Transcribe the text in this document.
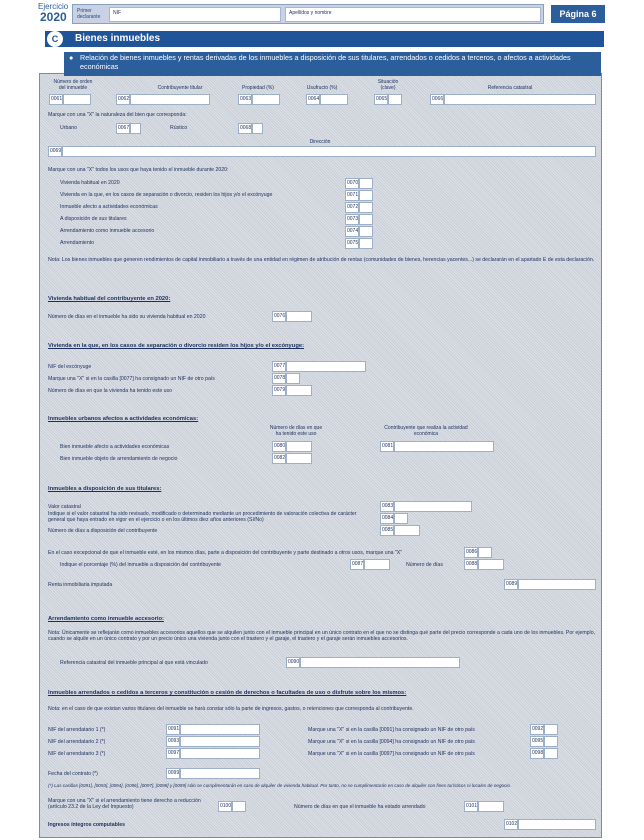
Ejercicio
2020 Primer
declarante
NIF	Apellidos y nombre	Página 6
C	Bienes inmuebles
Número de orden
del inmueble	Contribuyente titular	Propiedad (%)	Usufructo (%)
Situación
(clave)	Referencia catastral
0061	0062	0063	0064	0065	0066
Marque con una "X" la naturaleza del bien que corresponda:
Urbano	0067	Rústico	0068
Dirección
0069
Marque con una "X" todos los usos que haya tenido el inmueble durante 2020:
Vivienda habitual en 2020	0070
Vivienda en la que, en los casos de separación o divorcio, residen los hijos y/o el excónyuge	0071
Inmueble afecto a actividades económicas	0072
A disposición de sus titulares	0073
Arrendamiento como inmueble accesorio	0074
Arrendamiento	0075
Nota: Los bienes inmuebles que generen rendimientos de capital inmobiliario a través de una entidad en régimen de atribución de rentas (comunidades de bienes, herencias yacentes...) se declararán en el apartado E de esta declaración.
Vivienda habitual del contribuyente en 2020:
Número de días en el inmueble ha sido su vivienda habitual en 2020	0076
Vivienda en la que, en los casos de separación o divorcio residen los hijos y/o el excónyuge:
NIF del excónyuge	0077
Marque una "X" si en la casilla [0077] ha consignado un NIF de otro país	0078
Número de días en que la vivienda ha tenido este uso	0079
Inmuebles urbanos afectos a actividades económicas:
Número de días en que
ha tenido este uso
Contribuyente que realiza la actividad
económica
Bien inmueble afecto a actividades económicas	0080	0081
Bien inmueble objeto de arrendamiento de negocio	0082
Inmuebles a disposición de sus titulares:
Valor catastral	0083
Indique si el valor catastral ha sido revisado, modificado o determinado mediante un procedimiento de valoración colectiva de carácter general que haya entrado en vigor en el ejercicio o en los últimos diez años anteriores (Sí/No)	0084
Número de días a disposición del contribuyente	0085
En el caso excepcional de que el inmueble esté, en los mismos días, parte a disposición del contribuyente y parte destinado a otros usos, marque una "X"	0086
Indique el porcentaje (%) del inmueble a disposición del contribuyente	0087	Número de días	0088
Renta inmobiliaria imputada	0089
Arrendamiento como inmueble accesorio:
Nota: Únicamente se reflejarán como inmuebles accesorios aquellos que se alquilen junto con el inmueble principal en un único contrato en el que no se distinga qué parte del precio corresponde a cada uno de los inmuebles. Por ejemplo, cuando se alquile en un único contrato y por un precio único una vivienda junto con el trastero y el garaje, el trastero y el garaje serán inmuebles accesorios.
Referencia catastral del inmueble principal al que está vinculado	0090
Inmuebles arrendados o cedidos a terceros y constitución o cesión de derechos o facultades de uso o disfrute sobre los mismos:
Nota: en el caso de que existan varios titulares del inmueble se hará constar sólo la parte de ingresos, gastos, o retenciones que corresponda al contribuyente.
NIF del arrendatario 1 (*)	0091	Marque una "X" si en la casilla [0091] ha consignado un NIF de otro país	0092
NIF del arrendatario 2 (*)	0093	Marque una "X" si en la casilla [0094] ha consignado un NIF de otro país	0095
NIF del arrendatario 3 (*)	0097	Marque una "X" si en la casilla [0097] ha consignado un NIF de otro país	0098
Fecha del contrato (*)	0099
(*) Las casillas [0091], [0093], [0094], [0096], [0097], [0098] y [0099] sólo se cumplimentarán en caso de alquiler de vivienda habitual. Por tanto, no se cumplimentarán en caso de alquiler con fines turísticos ni locales de negocio.
Marque con una "X" si el arrendamiento tiene derecho a reducción
(artículo 23.2 de la Ley del Impuesto)	0100	Número de días en que el inmueble ha estado arrendado	0101
Ingresos íntegros computables	0102
● Relación de bienes inmuebles y rentas derivadas de los inmuebles a disposición de sus titulares, arrendados o cedidos a terceros, o afectos a actividades económicas
